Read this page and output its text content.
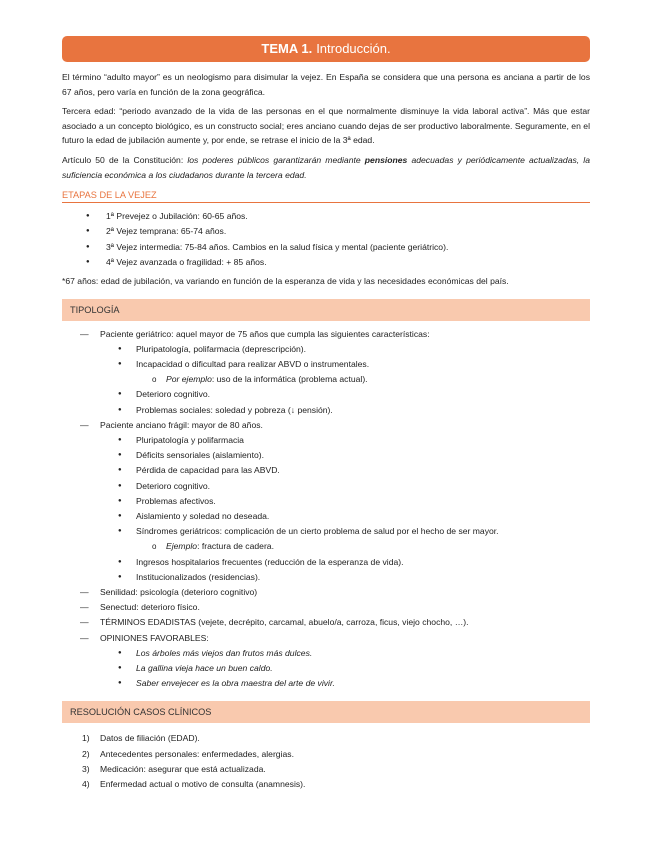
TEMA 1. Introducción.

El término “adulto mayor” es un neologismo para disimular la vejez. En España se considera que una persona es anciana a partir de los 67 años, pero varía en función de la zona geográfica.

Tercera edad: “periodo avanzado de la vida de las personas en el que normalmente disminuye la vida laboral activa”. Más que estar asociado a un concepto biológico, es un constructo social; eres anciano cuando dejas de ser productivo laboralmente. Seguramente, en el futuro la edad de jubilación aumente y, por ende, se retrase el inicio de la 3ª edad.

Artículo 50 de la Constitución: los poderes públicos garantizarán mediante pensiones adecuadas y periódicamente actualizadas, la suficiencia económica a los ciudadanos durante la tercera edad.

ETAPAS DE LA VEJEZ
● 1ª Prevejez o Jubilación: 60-65 años.
● 2ª Vejez temprana: 65-74 años.
● 3ª Vejez intermedia: 75-84 años. Cambios en la salud física y mental (paciente geriátrico).
● 4ª Vejez avanzada o fragilidad: + 85 años.

*67 años: edad de jubilación, va variando en función de la esperanza de vida y las necesidades económicas del país.

TIPOLOGÍA
— Paciente geriátrico: aquel mayor de 75 años que cumpla las siguientes características:
● Pluripatología, polifarmacia (deprescripción).
● Incapacidad o dificultad para realizar ABVD o instrumentales.
o Por ejemplo: uso de la informática (problema actual).
● Deterioro cognitivo.
● Problemas sociales: soledad y pobreza (↓ pensión).
— Paciente anciano frágil: mayor de 80 años.
● Pluripatología y polifarmacia
● Déficits sensoriales (aislamiento).
● Pérdida de capacidad para las ABVD.
● Deterioro cognitivo.
● Problemas afectivos.
● Aislamiento y soledad no deseada.
● Síndromes geriátricos: complicación de un cierto problema de salud por el hecho de ser mayor.
o Ejemplo: fractura de cadera.
● Ingresos hospitalarios frecuentes (reducción de la esperanza de vida).
● Institucionalizados (residencias).
— Senilidad: psicología (deterioro cognitivo)
— Senectud: deterioro físico.
— TÉRMINOS EDADISTAS (vejete, decrépito, carcamal, abuelo/a, carroza, ficus, viejo chocho, …).
— OPINIONES FAVORABLES:
● Los árboles más viejos dan frutos más dulces.
● La gallina vieja hace un buen caldo.
● Saber envejecer es la obra maestra del arte de vivir.
RESOLUCIÓN CASOS CLÍNICOS
1) Datos de filiación (EDAD).
2) Antecedentes personales: enfermedades, alergias.
3) Medicación: asegurar que está actualizada.
4) Enfermedad actual o motivo de consulta (anamnesis).
